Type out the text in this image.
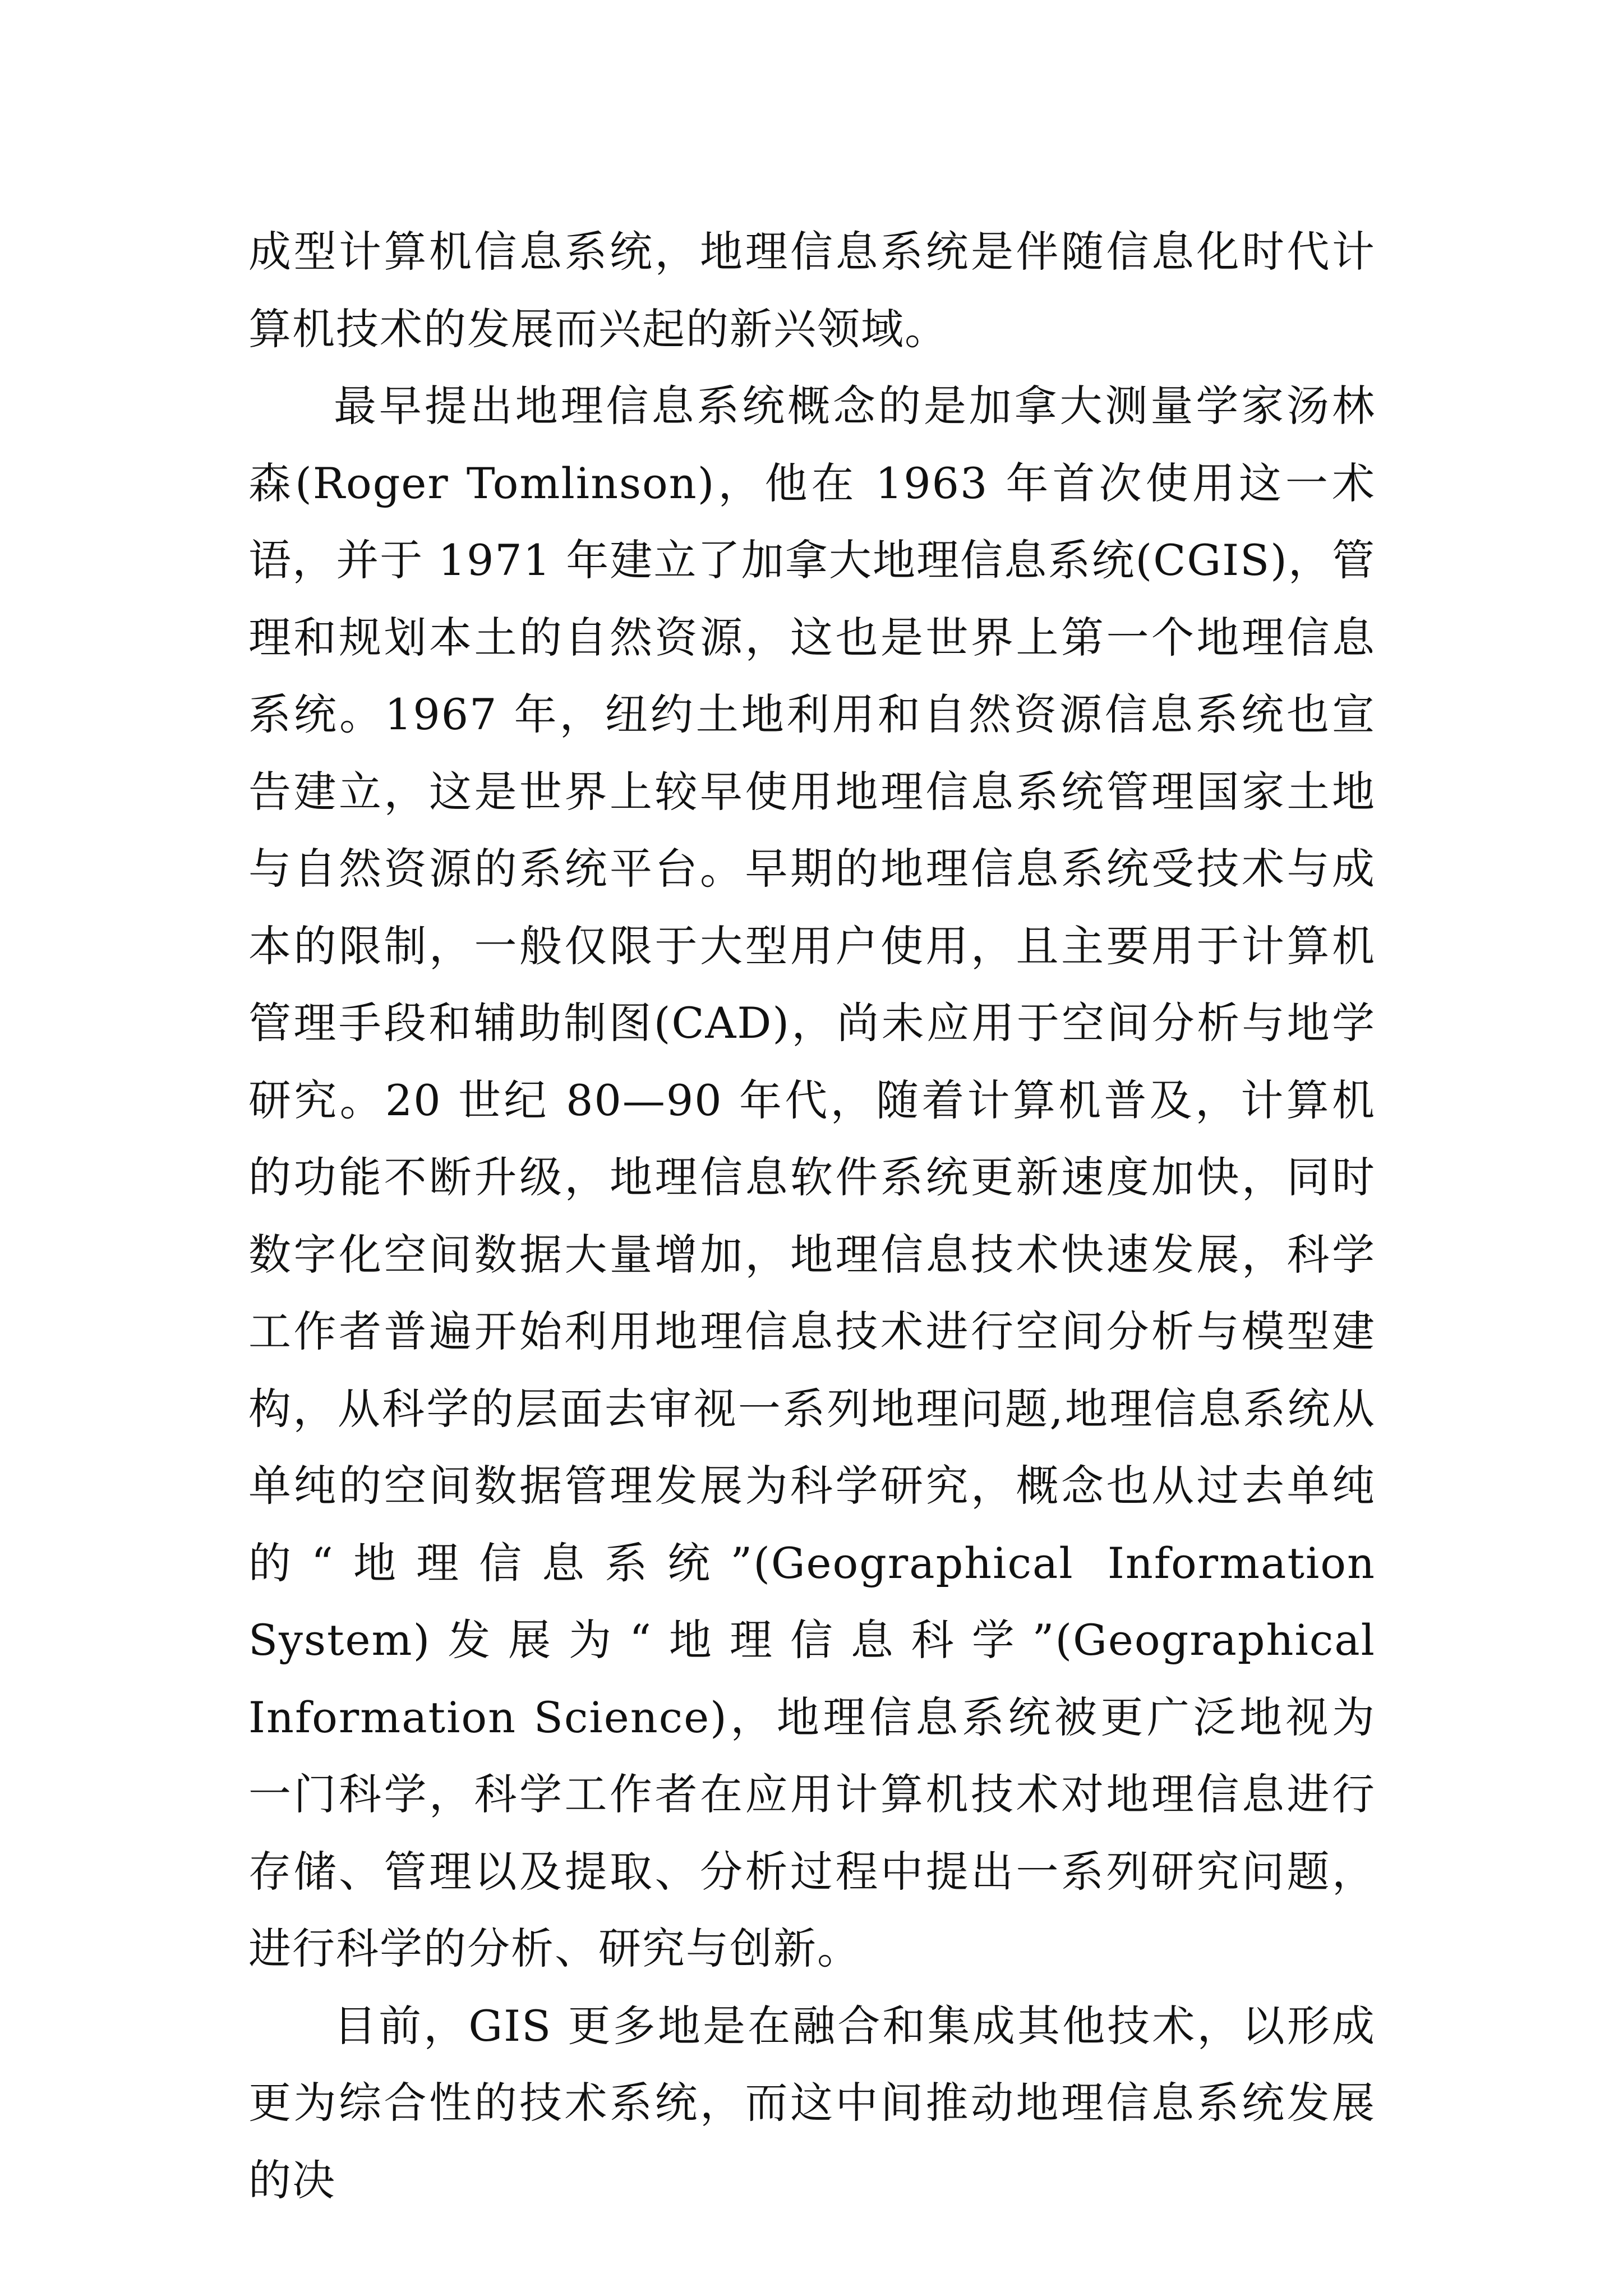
成型计算机信息系统，地理信息系统是伴随信息化时代计算机技术的发展而兴起的新兴领域。

最早提出地理信息系统概念的是加拿大测量学家汤林森(Roger Tomlinson)，他在 1963 年首次使用这一术语，并于 1971 年建立了加拿大地理信息系统(CGIS)，管理和规划本土的自然资源，这也是世界上第一个地理信息系统。1967 年，纽约土地利用和自然资源信息系统也宣告建立，这是世界上较早使用地理信息系统管理国家土地与自然资源的系统平台。早期的地理信息系统受技术与成本的限制，一般仅限于大型用户使用，且主要用于计算机管理手段和辅助制图(CAD)，尚未应用于空间分析与地学研究。20 世纪 80—90 年代，随着计算机普及，计算机的功能不断升级，地理信息软件系统更新速度加快，同时数字化空间数据大量增加，地理信息技术快速发展，科学工作者普遍开始利用地理信息技术进行空间分析与模型建构，从科学的层面去审视一系列地理问题,地理信息系统从单纯的空间数据管理发展为科学研究，概念也从过去单纯的“地理信息系统”(Geographical Information System)发展为“地理信息科学”(Geographical Information Science)，地理信息系统被更广泛地视为一门科学，科学工作者在应用计算机技术对地理信息进行存储、管理以及提取、分析过程中提出一系列研究问题，进行科学的分析、研究与创新。

目前，GIS 更多地是在融合和集成其他技术，以形成更为综合性的技术系统，而这中间推动地理信息系统发展的决
